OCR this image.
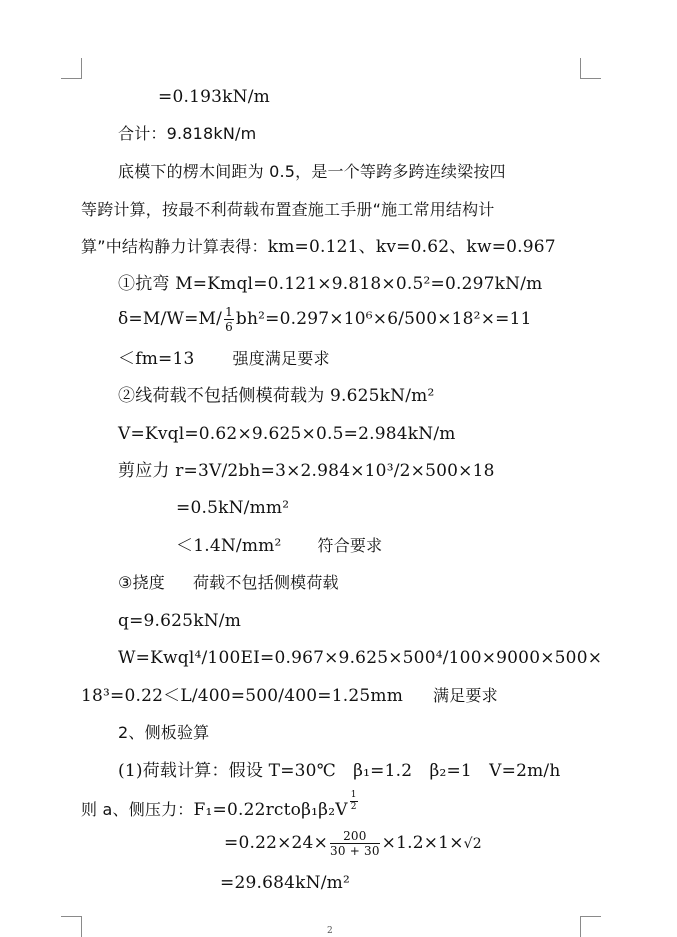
=0.193kN/m
合计：9.818kN/m
底模下的楞木间距为 0.5，是一个等跨多跨连续梁按四
等跨计算，按最不利荷载布置查施工手册“施工常用结构计
算”中结构静力计算表得：km=0.121、kv=0.62、kw=0.967
①抗弯 M=Kmql=0.121×9.818×0.5²=0.297kN/m
$\delta=M/W=M/ \frac{1}{6} bh^2=0.297\times 10^6\times 6/500\times 18^2\times=11$
＜fm=13 强度满足要求
②线荷载不包括侧模荷载为 9.625kN/m²
V=Kvql=0.62×9.625×0.5=2.984kN/m
剪应力 r=3V/2bh=3×2.984×10³/2×500×18
=0.5kN/mm²
＜1.4N/mm² 符合要求
③挠度 荷载不包括侧模荷载
q=9.625kN/m
W=Kwql⁴/100EI=0.967×9.625×500⁴/100×9000×500×
18³=0.22＜L/400=500/400=1.25mm 满足要求
2、侧板验算
(1)荷载计算：假设 T=30℃　β₁=1.2　β₂=1　V=2m/h
则 a、侧压力：F₁=0.22rctoβ₁β₂V $\frac{1}{2}$
$=0.22\times 24\times \frac{200}{30 + 30} \times 1.2\times 1\times√2$
=29.684kN/m²
2
